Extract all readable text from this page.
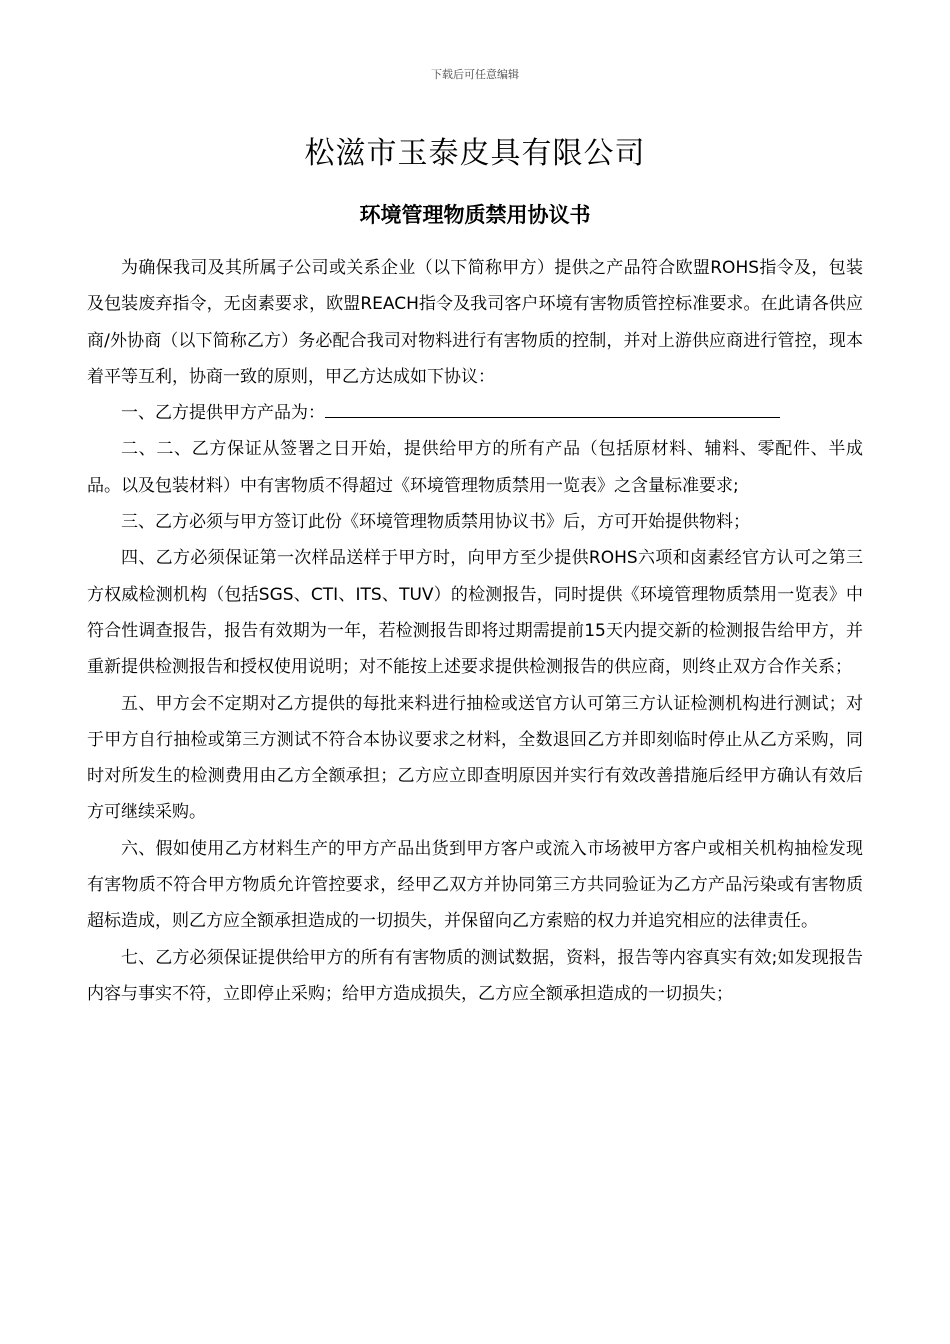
下载后可任意编辑
松滋市玉泰皮具有限公司
环境管理物质禁用协议书

为确保我司及其所属子公司或关系企业（以下简称甲方）提供之产品符合欧盟ROHS指令及，包装及包装废弃指令，无卤素要求，欧盟REACH指令及我司客户环境有害物质管控标准要求。在此请各供应商/外协商（以下简称乙方）务必配合我司对物料进行有害物质的控制，并对上游供应商进行管控，现本着平等互利，协商一致的原则，甲乙方达成如下协议：

一、乙方提供甲方产品为：

二、二、乙方保证从签署之日开始，提供给甲方的所有产品（包括原材料、辅料、零配件、半成品。以及包装材料）中有害物质不得超过《环境管理物质禁用一览表》之含量标准要求;

三、乙方必须与甲方签订此份《环境管理物质禁用协议书》后，方可开始提供物料；

四、乙方必须保证第一次样品送样于甲方时，向甲方至少提供ROHS六项和卤素经官方认可之第三方权威检测机构（包括SGS、CTI、ITS、TUV）的检测报告，同时提供《环境管理物质禁用一览表》中符合性调查报告，报告有效期为一年，若检测报告即将过期需提前15天内提交新的检测报告给甲方，并重新提供检测报告和授权使用说明；对不能按上述要求提供检测报告的供应商，则终止双方合作关系；

五、甲方会不定期对乙方提供的每批来料进行抽检或送官方认可第三方认证检测机构进行测试；对于甲方自行抽检或第三方测试不符合本协议要求之材料，全数退回乙方并即刻临时停止从乙方采购，同时对所发生的检测费用由乙方全额承担；乙方应立即查明原因并实行有效改善措施后经甲方确认有效后方可继续采购。

六、假如使用乙方材料生产的甲方产品出货到甲方客户或流入市场被甲方客户或相关机构抽检发现有害物质不符合甲方物质允许管控要求，经甲乙双方并协同第三方共同验证为乙方产品污染或有害物质超标造成，则乙方应全额承担造成的一切损失，并保留向乙方索赔的权力并追究相应的法律责任。

七、乙方必须保证提供给甲方的所有有害物质的测试数据，资料，报告等内容真实有效;如发现报告内容与事实不符，立即停止采购；给甲方造成损失，乙方应全额承担造成的一切损失；
